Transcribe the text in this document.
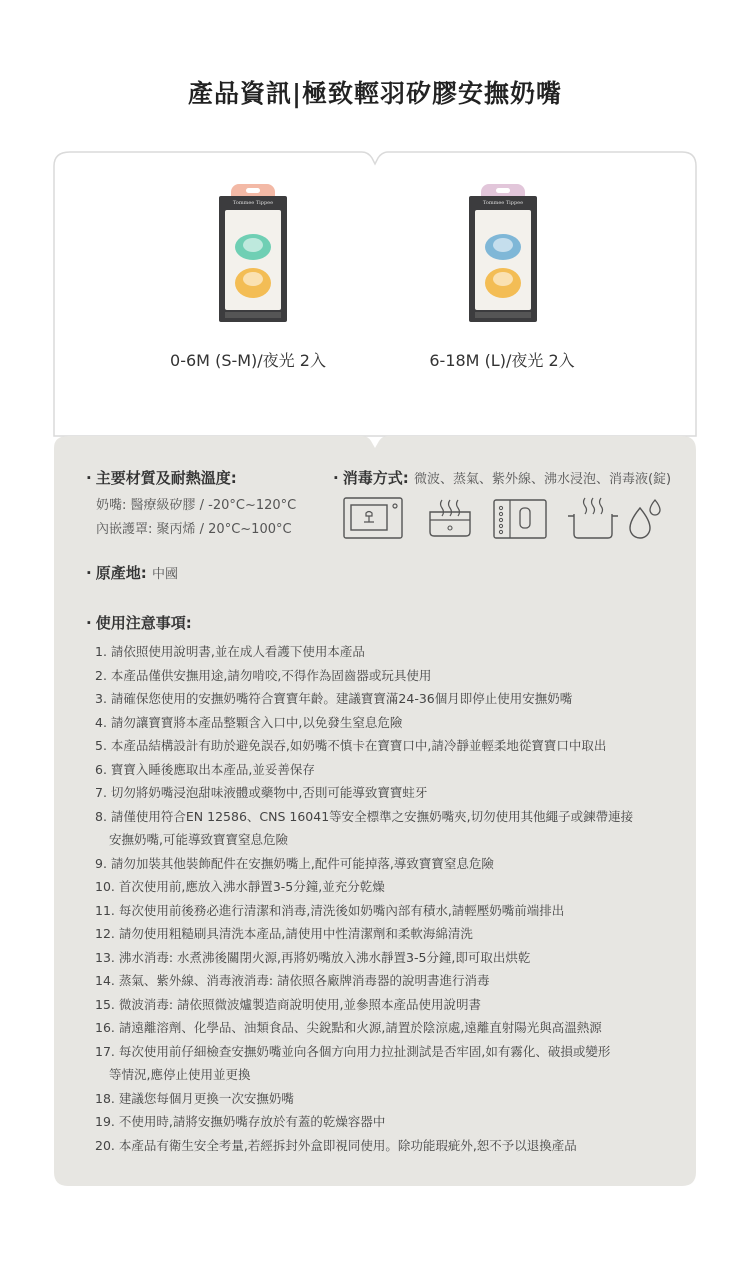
產品資訊|極致輕羽矽膠安撫奶嘴
Tommee Tippee
0-6M (S-M)/夜光 2入
Tommee Tippee
6-18M (L)/夜光 2入
· 主要材質及耐熱溫度:
奶嘴: 醫療級矽膠 / -20°C~120°C
內嵌護罩: 聚丙烯 / 20°C~100°C
· 消毒方式: 微波、蒸氣、紫外線、沸水浸泡、消毒液(錠)
· 原產地: 中國
· 使用注意事項:
1. 請依照使用說明書,並在成人看護下使用本產品
2. 本產品僅供安撫用途,請勿啃咬,不得作為固齒器或玩具使用
3. 請確保您使用的安撫奶嘴符合寶寶年齡。建議寶寶滿24-36個月即停止使用安撫奶嘴
4. 請勿讓寶寶將本產品整顆含入口中,以免發生窒息危險
5. 本產品結構設計有助於避免誤吞,如奶嘴不慎卡在寶寶口中,請冷靜並輕柔地從寶寶口中取出
6. 寶寶入睡後應取出本產品,並妥善保存
7. 切勿將奶嘴浸泡甜味液體或藥物中,否則可能導致寶寶蛀牙
8. 請僅使用符合EN 12586、CNS 16041等安全標準之安撫奶嘴夾,切勿使用其他繩子或鍊帶連接
安撫奶嘴,可能導致寶寶窒息危險
9. 請勿加裝其他裝飾配件在安撫奶嘴上,配件可能掉落,導致寶寶窒息危險
10. 首次使用前,應放入沸水靜置3-5分鐘,並充分乾燥
11. 每次使用前後務必進行清潔和消毒,清洗後如奶嘴內部有積水,請輕壓奶嘴前端排出
12. 請勿使用粗糙刷具清洗本產品,請使用中性清潔劑和柔軟海綿清洗
13. 沸水消毒: 水煮沸後關閉火源,再將奶嘴放入沸水靜置3-5分鐘,即可取出烘乾
14. 蒸氣、紫外線、消毒液消毒: 請依照各廠牌消毒器的說明書進行消毒
15. 微波消毒: 請依照微波爐製造商說明使用,並參照本產品使用說明書
16. 請遠離溶劑、化學品、油類食品、尖銳點和火源,請置於陰涼處,遠離直射陽光與高溫熱源
17. 每次使用前仔細檢查安撫奶嘴並向各個方向用力拉扯測試是否牢固,如有霧化、破損或變形
等情況,應停止使用並更換
18. 建議您每個月更換一次安撫奶嘴
19. 不使用時,請將安撫奶嘴存放於有蓋的乾燥容器中
20. 本產品有衛生安全考量,若經拆封外盒即視同使用。除功能瑕疵外,恕不予以退換產品
